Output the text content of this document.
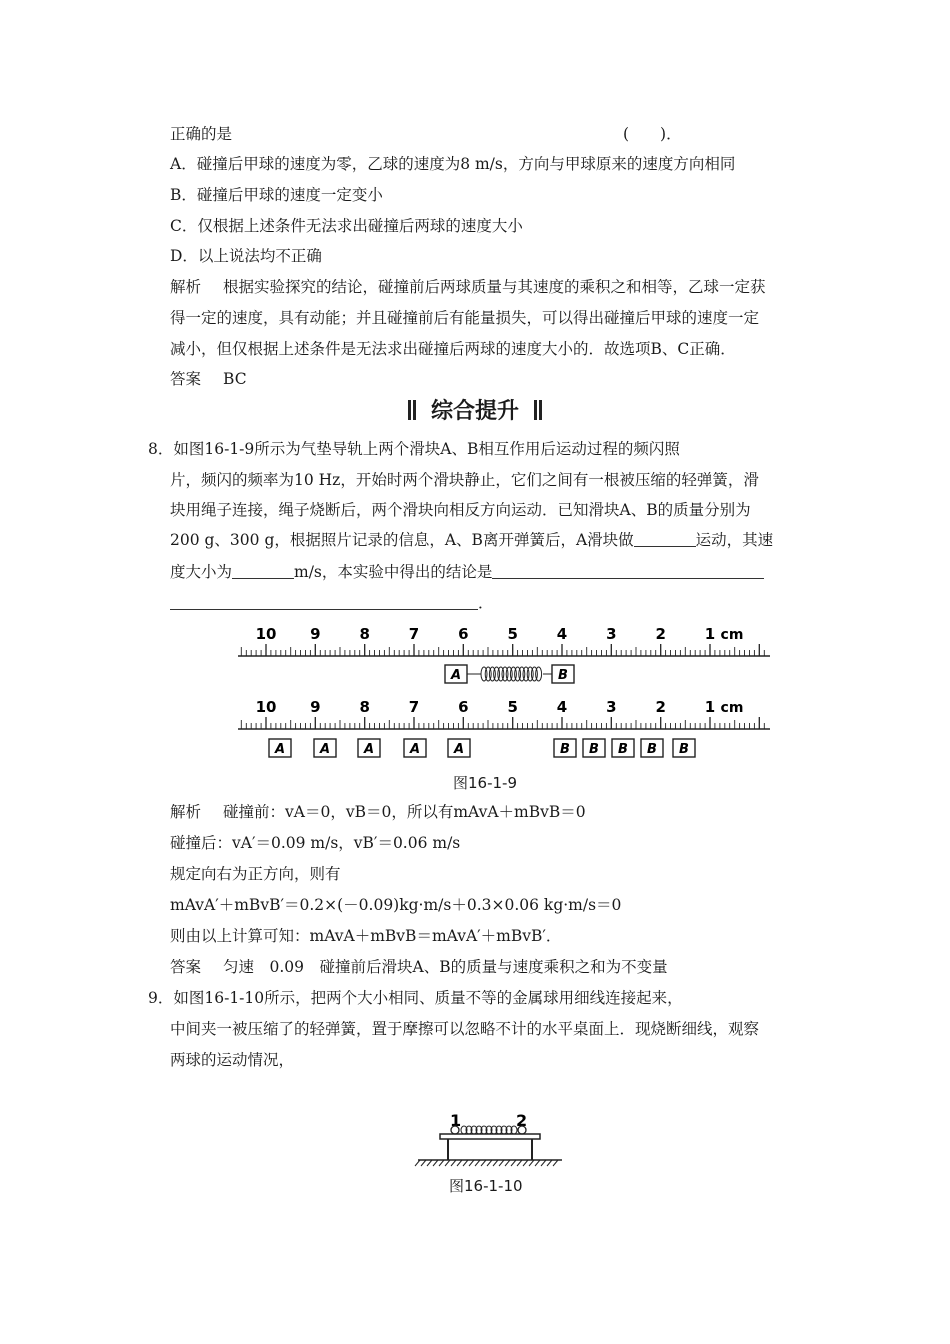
正确的是	(　　)．
A．碰撞后甲球的速度为零，乙球的速度为8 m/s，方向与甲球原来的速度方向相同
B．碰撞后甲球的速度一定变小
C．仅根据上述条件无法求出碰撞后两球的速度大小
D．以上说法均不正确
解析 根据实验探究的结论，碰撞前后两球质量与其速度的乘积之和相等，乙球一定获
得一定的速度，具有动能；并且碰撞前后有能量损失，可以得出碰撞后甲球的速度一定
减小，但仅根据上述条件是无法求出碰撞后两球的速度大小的．故选项B、C正确．
答案 BC
综合提升
8．如图16-1-9所示为气垫导轨上两个滑块A、B相互作用后运动过程的频闪照
片，频闪的频率为10 Hz，开始时两个滑块静止，它们之间有一根被压缩的轻弹簧，滑
块用绳子连接，绳子烧断后，两个滑块向相反方向运动．已知滑块A、B的质量分别为
200 g、300 g，根据照片记录的信息，A、B离开弹簧后，A滑块做	运动，其速
度大小为	m/s，本实验中得出的结论是
．
10 9	8	7	6	5	4	3	2	1 cm
10 9	8	7	6	5	4	3	2	1 cm
A	B
A	A	A	A	A	B B B B B
图16-1-9
解析 碰撞前：vA＝0，vB＝0，所以有mAvA＋mBvB＝0
碰撞后：vA′＝0.09 m/s，vB′＝0.06 m/s
规定向右为正方向，则有
mAvA′＋mBvB′＝0.2×(－0.09)kg·m/s＋0.3×0.06 kg·m/s＝0
则由以上计算可知：mAvA＋mBvB＝mAvA′＋mBvB′．
答案 匀速　0.09　碰撞前后滑块A、B的质量与速度乘积之和为不变量
9．如图16-1-10所示，把两个大小相同、质量不等的金属球用细线连接起来，
中间夹一被压缩了的轻弹簧，置于摩擦可以忽略不计的水平桌面上．现烧断细线，观察
两球的运动情况，
1	2
图16-1-10
